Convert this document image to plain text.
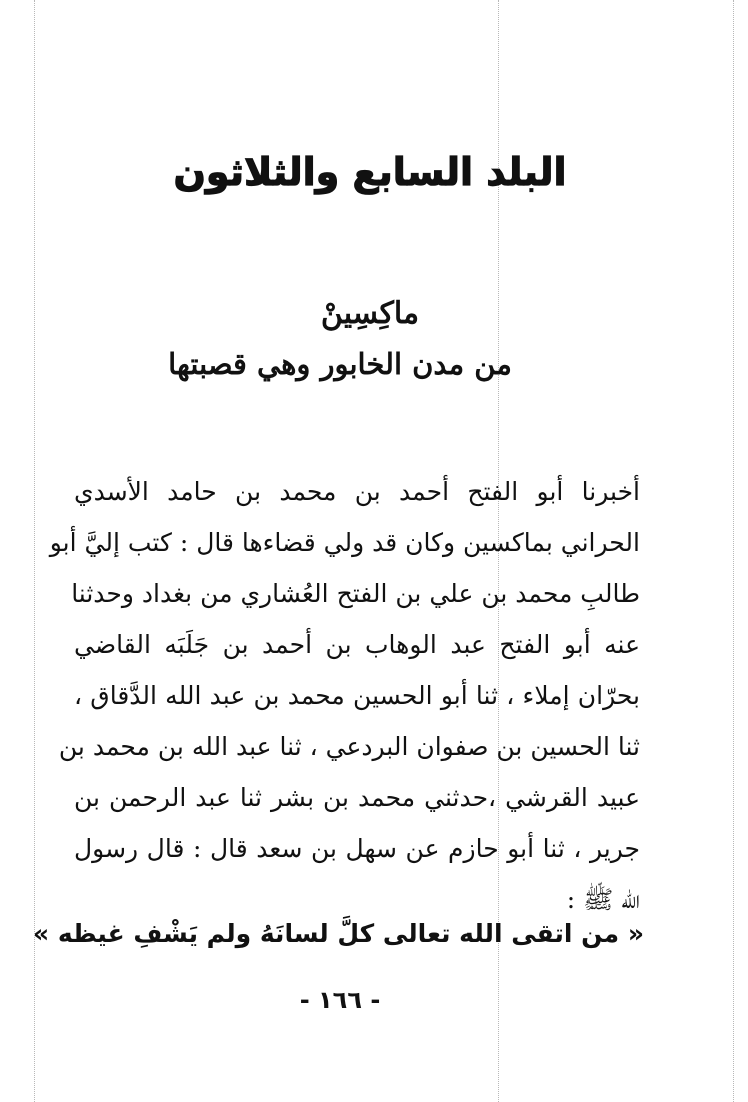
البلد السابع والثلاثون
ماكِسِينْ
من مدن الخابور وهي قصبتها
أخبرنا أبو الفتح أحمد بن محمد بن حامد الأسدي
الحراني بماكسين وكان قد ولي قضاءها قال : كتب إليَّ أبو
طالبِ محمد بن علي بن الفتح العُشاري من بغداد وحدثنا
عنه أبو الفتح عبد الوهاب بن أحمد بن جَلَبَه القاضي
بحرّان إملاء ، ثنا أبو الحسين محمد بن عبد الله الدَّقاق ،
ثنا الحسين بن صفوان البردعي ، ثنا عبد الله بن محمد بن
عبيد القرشي ،حدثني محمد بن بشر ثنا عبد الرحمن بن
جرير ، ثنا أبو حازم عن سهل بن سعد قال : قال رسول
الله ﷺ :
« من اتقى الله تعالى كلَّ لسانَهُ ولم يَشْفِ غيظه »
- ١٦٦ -
